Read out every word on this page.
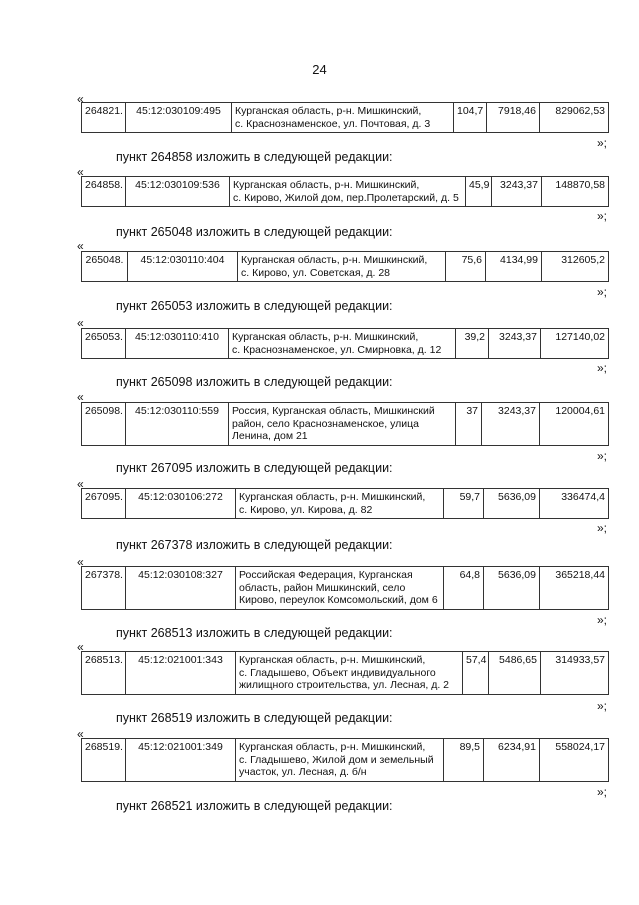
24
«
264821.	45:12:030109:495	Курганская область, р-н. Мишкинский,
с. Краснознаменское, ул. Почтовая, д. 3
	104,7	7918,46	829062,53
»;
пункт 264858 изложить в следующей редакции:
«
264858.	45:12:030109:536	Курганская область, р-н. Мишкинский,
с. Кирово, Жилой дом, пер.Пролетарский, д. 5
	45,9	3243,37	148870,58
»;
пункт 265048 изложить в следующей редакции:
«
265048.	45:12:030110:404	Курганская область, р-н. Мишкинский,
с. Кирово, ул. Советская, д. 28
	75,6	4134,99	312605,2
»;
пункт 265053 изложить в следующей редакции:
«
265053.	45:12:030110:410	Курганская область, р-н. Мишкинский,
с. Краснознаменское, ул. Смирновка, д. 12
	39,2	3243,37	127140,02
»;
пункт 265098 изложить в следующей редакции:
«
265098.	45:12:030110:559	Россия, Курганская область, Мишкинский
район, село Краснознаменское, улица
Ленина, дом 21
	37	3243,37	120004,61
»;
пункт 267095 изложить в следующей редакции:
«
267095.	45:12:030106:272	Курганская область, р-н. Мишкинский,
с. Кирово, ул. Кирова, д. 82
	59,7	5636,09	336474,4
»;
пункт 267378 изложить в следующей редакции:
«
267378.	45:12:030108:327	Российская Федерация, Курганская
область, район Мишкинский, село
Кирово, переулок Комсомольский, дом 6
	64,8	5636,09	365218,44
»;
пункт 268513 изложить в следующей редакции:
«
268513.	45:12:021001:343	Курганская область, р-н. Мишкинский,
с. Гладышево, Объект индивидуального
жилищного строительства, ул. Лесная, д. 2
	57,4	5486,65	314933,57
»;
пункт 268519 изложить в следующей редакции:
«
268519.	45:12:021001:349	Курганская область, р-н. Мишкинский,
с. Гладышево, Жилой дом и земельный
участок, ул. Лесная, д. б/н
	89,5	6234,91	558024,17
»;
пункт 268521 изложить в следующей редакции:
